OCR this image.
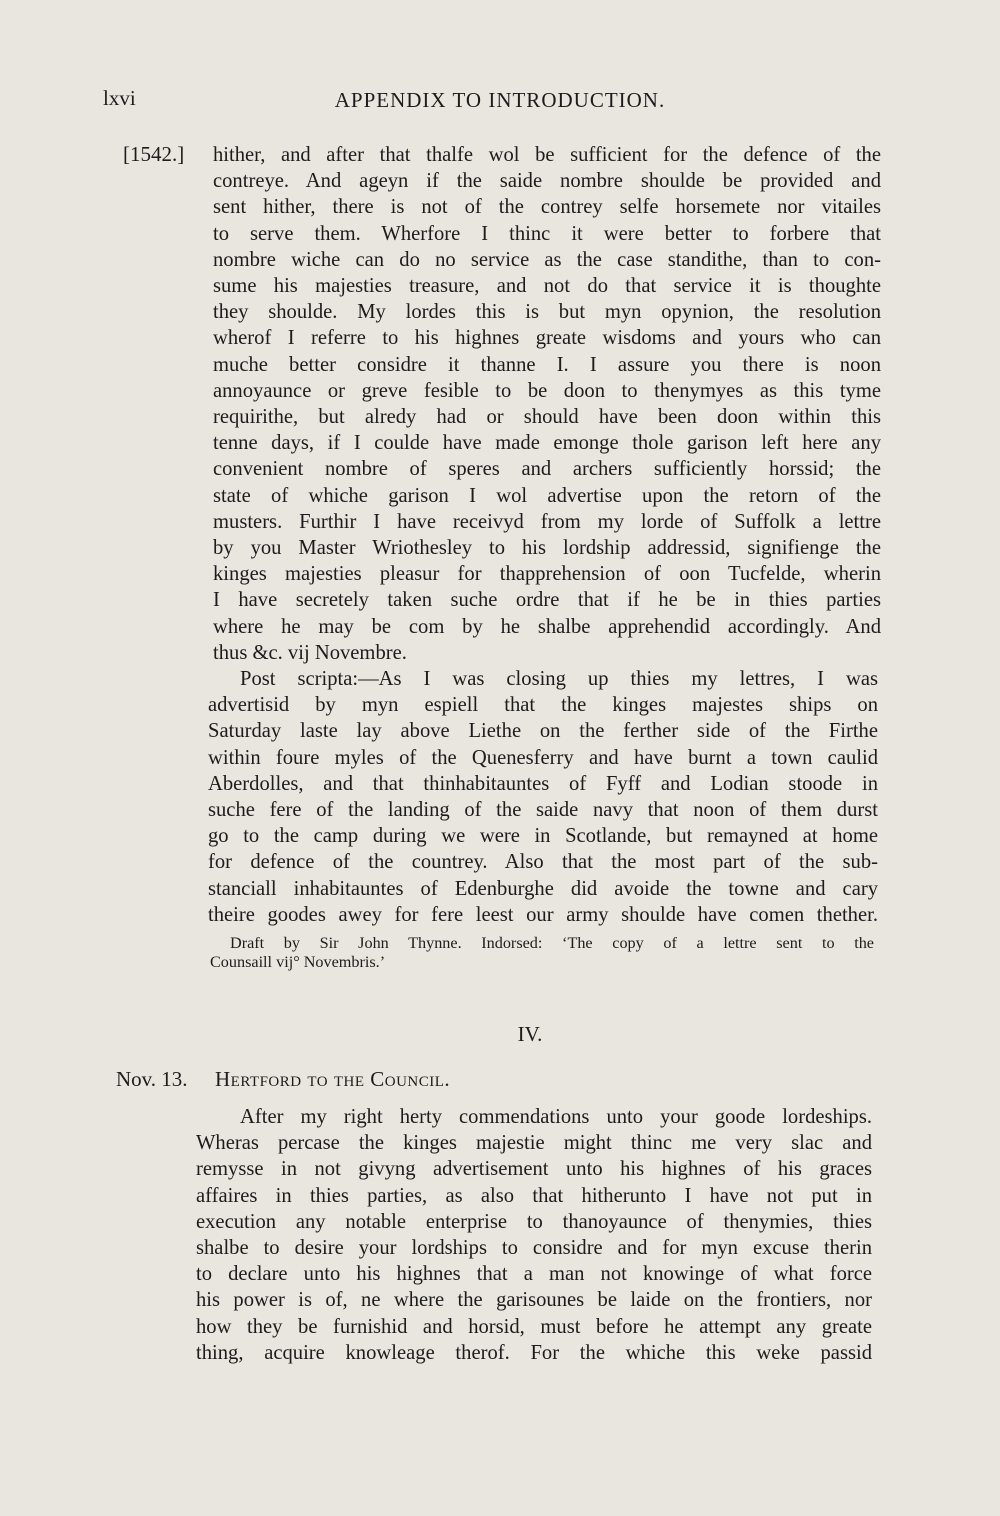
lxvi	APPENDIX TO INTRODUCTION.
[1542.] hither, and after that thalfe wol be sufficient for the defence of the
contreye. And ageyn if the saide nombre shoulde be provided and
sent hither, there is not of the contrey selfe horsemete nor vitailes
to serve them. Wherfore I thinc it were better to forbere that
nombre wiche can do no service as the case standithe, than to con-
sume his majesties treasure, and not do that service it is thoughte
they shoulde. My lordes this is but myn opynion, the resolution
wherof I referre to his highnes greate wisdoms and yours who can
muche better considre it thanne I. I assure you there is noon
annoyaunce or greve fesible to be doon to thenymyes as this tyme
requirithe, but alredy had or should have been doon within this
tenne days, if I coulde have made emonge thole garison left here any
convenient nombre of speres and archers sufficiently horssid; the
state of whiche garison I wol advertise upon the retorn of the
musters. Furthir I have receivyd from my lorde of Suffolk a lettre
by you Master Wriothesley to his lordship addressid, signifienge the
kinges majesties pleasur for thapprehension of oon Tucfelde, wherin
I have secretely taken suche ordre that if he be in thies parties
where he may be com by he shalbe apprehendid accordingly. And
thus &c. vij Novembre.
Post scripta:—As I was closing up thies my lettres, I was
advertisid by myn espiell that the kinges majestes ships on
Saturday laste lay above Liethe on the ferther side of the Firthe
within foure myles of the Quenesferry and have burnt a town caulid
Aberdolles, and that thinhabitauntes of Fyff and Lodian stoode in
suche fere of the landing of the saide navy that noon of them durst
go to the camp during we were in Scotlande, but remayned at home
for defence of the countrey. Also that the most part of the sub-
stanciall inhabitauntes of Edenburghe did avoide the towne and cary
theire goodes awey for fere leest our army shoulde have comen thether.
Draft by Sir John Thynne. Indorsed: ‘The copy of a lettre sent to the
Counsaill vij° Novembris.’
IV.
Nov. 13. Hertford to the Council.
After my right herty commendations unto your goode lordeships.
Wheras percase the kinges majestie might thinc me very slac and
remysse in not givyng advertisement unto his highnes of his graces
affaires in thies parties, as also that hitherunto I have not put in
execution any notable enterprise to thanoyaunce of thenymies, thies
shalbe to desire your lordships to considre and for myn excuse therin
to declare unto his highnes that a man not knowinge of what force
his power is of, ne where the garisounes be laide on the frontiers, nor
how they be furnishid and horsid, must before he attempt any greate
thing, acquire knowleage therof. For the whiche this weke passid
